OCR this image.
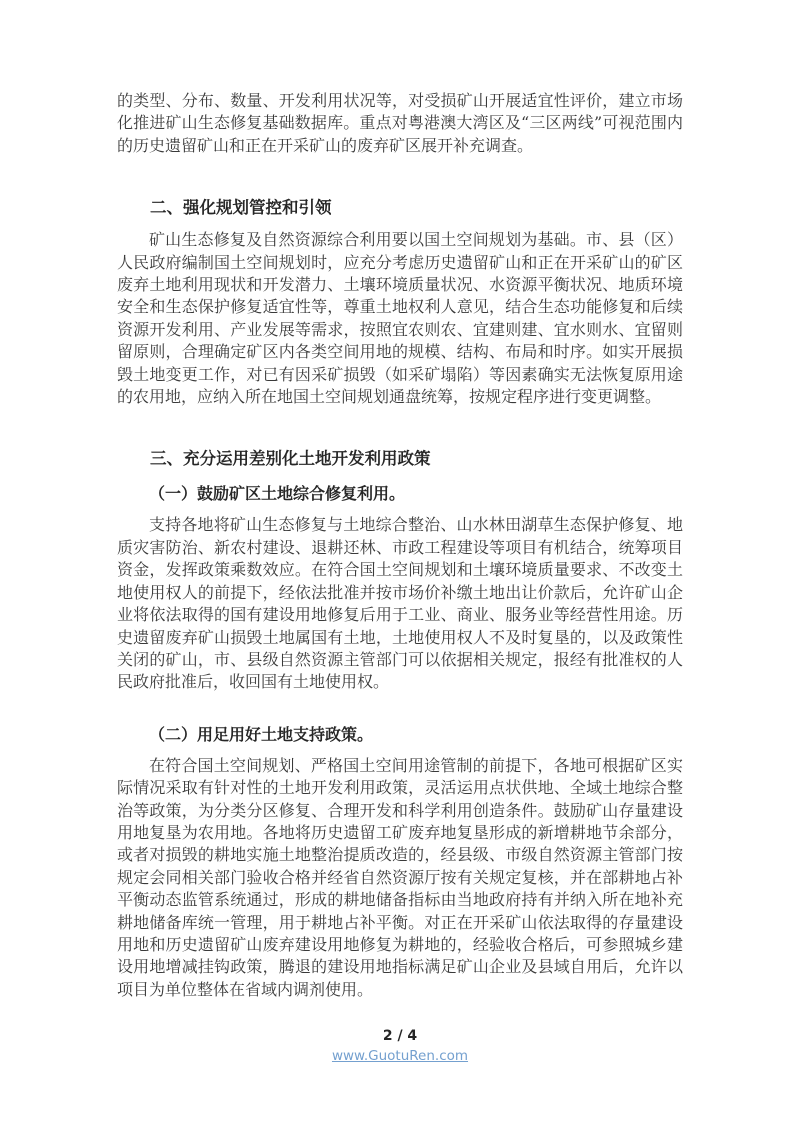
的类型、分布、数量、开发利用状况等，对受损矿山开展适宜性评价，建立市场化推进矿山生态修复基础数据库。重点对粤港澳大湾区及“三区两线”可视范围内的历史遗留矿山和正在开采矿山的废弃矿区展开补充调查。

二、强化规划管控和引领

矿山生态修复及自然资源综合利用要以国土空间规划为基础。市、县（区）人民政府编制国土空间规划时，应充分考虑历史遗留矿山和正在开采矿山的矿区废弃土地利用现状和开发潜力、土壤环境质量状况、水资源平衡状况、地质环境安全和生态保护修复适宜性等，尊重土地权利人意见，结合生态功能修复和后续资源开发利用、产业发展等需求，按照宜农则农、宜建则建、宜水则水、宜留则留原则，合理确定矿区内各类空间用地的规模、结构、布局和时序。如实开展损毁土地变更工作，对已有因采矿损毁（如采矿塌陷）等因素确实无法恢复原用途的农用地，应纳入所在地国土空间规划通盘统筹，按规定程序进行变更调整。

三、充分运用差别化土地开发利用政策
（一）鼓励矿区土地综合修复利用。

支持各地将矿山生态修复与土地综合整治、山水林田湖草生态保护修复、地质灾害防治、新农村建设、退耕还林、市政工程建设等项目有机结合，统筹项目资金，发挥政策乘数效应。在符合国土空间规划和土壤环境质量要求、不改变土地使用权人的前提下，经依法批准并按市场价补缴土地出让价款后，允许矿山企业将依法取得的国有建设用地修复后用于工业、商业、服务业等经营性用途。历史遗留废弃矿山损毁土地属国有土地，土地使用权人不及时复垦的，以及政策性关闭的矿山，市、县级自然资源主管部门可以依据相关规定，报经有批准权的人民政府批准后，收回国有土地使用权。

（二）用足用好土地支持政策。

在符合国土空间规划、严格国土空间用途管制的前提下，各地可根据矿区实际情况采取有针对性的土地开发利用政策，灵活运用点状供地、全域土地综合整治等政策，为分类分区修复、合理开发和科学利用创造条件。鼓励矿山存量建设用地复垦为农用地。各地将历史遗留工矿废弃地复垦形成的新增耕地节余部分，或者对损毁的耕地实施土地整治提质改造的，经县级、市级自然资源主管部门按规定会同相关部门验收合格并经省自然资源厅按有关规定复核，并在部耕地占补平衡动态监管系统通过，形成的耕地储备指标由当地政府持有并纳入所在地补充耕地储备库统一管理，用于耕地占补平衡。对正在开采矿山依法取得的存量建设用地和历史遗留矿山废弃建设用地修复为耕地的，经验收合格后，可参照城乡建设用地增减挂钩政策，腾退的建设用地指标满足矿山企业及县域自用后，允许以项目为单位整体在省域内调剂使用。

2 / 4
www.GuotuRen.com
